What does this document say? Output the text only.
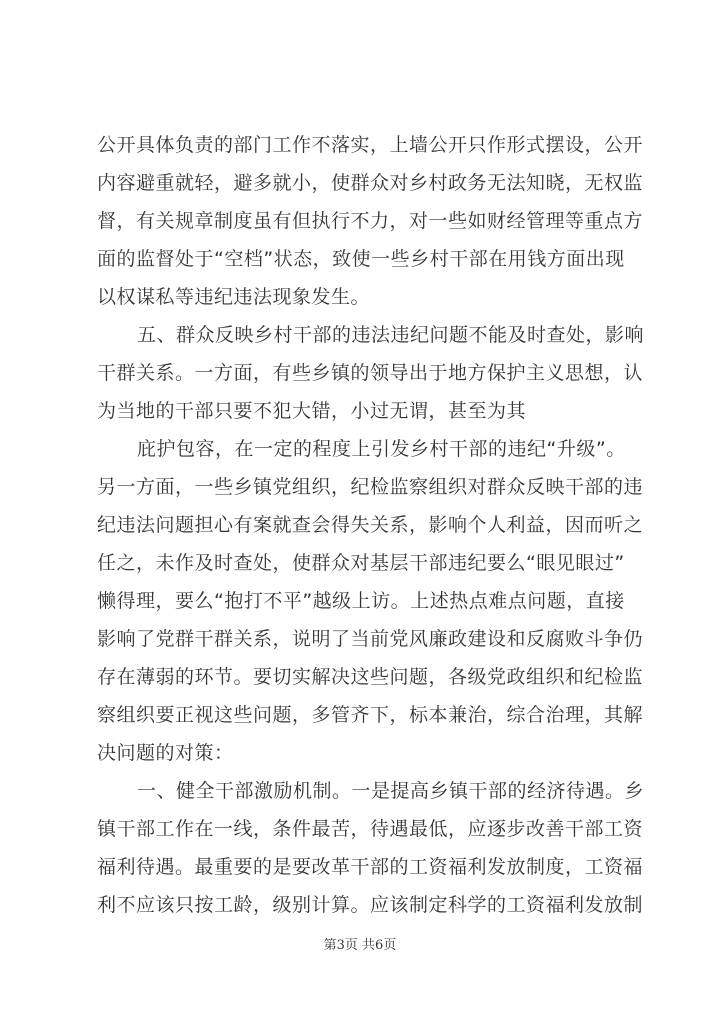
公开具体负责的部门工作不落实，上墙公开只作形式摆设，公开
内容避重就轻，避多就小，使群众对乡村政务无法知晓，无权监
督，有关规章制度虽有但执行不力，对一些如财经管理等重点方
面的监督处于“空档”状态，致使一些乡村干部在用钱方面出现
以权谋私等违纪违法现象发生。
五、群众反映乡村干部的违法违纪问题不能及时查处，影响
干群关系。一方面，有些乡镇的领导出于地方保护主义思想，认
为当地的干部只要不犯大错，小过无谓，甚至为其
庇护包容，在一定的程度上引发乡村干部的违纪“升级”。
另一方面，一些乡镇党组织，纪检监察组织对群众反映干部的违
纪违法问题担心有案就查会得失关系，影响个人利益，因而听之
任之，未作及时查处，使群众对基层干部违纪要么“眼见眼过”
懒得理，要么“抱打不平”越级上访。上述热点难点问题，直接
影响了党群干群关系，说明了当前党风廉政建设和反腐败斗争仍
存在薄弱的环节。要切实解决这些问题，各级党政组织和纪检监
察组织要正视这些问题，多管齐下，标本兼治，综合治理，其解
决问题的对策：
一、健全干部激励机制。一是提高乡镇干部的经济待遇。乡
镇干部工作在一线，条件最苦，待遇最低，应逐步改善干部工资
福利待遇。最重要的是要改革干部的工资福利发放制度，工资福
利不应该只按工龄，级别计算。应该制定科学的工资福利发放制
第3页 共6页
